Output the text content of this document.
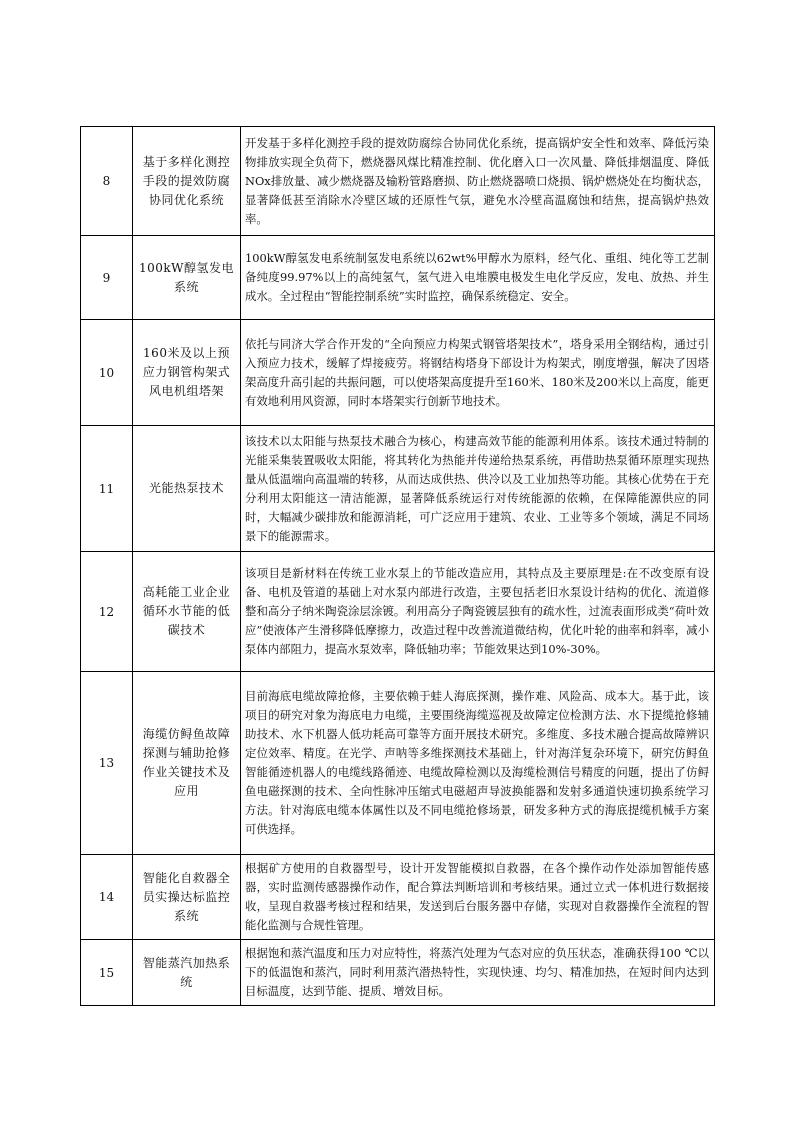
8	基于多样化测控手段的提效防腐协同优化系统	开发基于多样化测控手段的提效防腐综合协同优化系统，提高锅炉安全性和效率、降低污染物排放实现全负荷下，燃烧器风煤比精准控制、优化磨入口一次风量、降低排烟温度、降低NOx排放量、减少燃烧器及输粉管路磨损、防止燃烧器喷口烧损、锅炉燃烧处在均衡状态，显著降低甚至消除水冷壁区域的还原性气氛，避免水冷壁高温腐蚀和结焦，提高锅炉热效率。
9	100kW醇氢发电系统	100kW醇氢发电系统制氢发电系统以62wt%甲醇水为原料，经气化、重组、纯化等工艺制备纯度99.97%以上的高纯氢气，氢气进入电堆膜电极发生电化学反应，发电、放热、并生成水。全过程由“智能控制系统”实时监控，确保系统稳定、安全。
10	160米及以上预应力钢管构架式风电机组塔架	依托与同济大学合作开发的“全向预应力构架式钢管塔架技术”，塔身采用全钢结构，通过引入预应力技术，缓解了焊接疲劳。将钢结构塔身下部设计为构架式，刚度增强，解决了因塔架高度升高引起的共振问题，可以使塔架高度提升至160米、180米及200米以上高度，能更有效地利用风资源，同时本塔架实行创新节地技术。
11	光能热泵技术	该技术以太阳能与热泵技术融合为核心，构建高效节能的能源利用体系。该技术通过特制的光能采集装置吸收太阳能，将其转化为热能并传递给热泵系统，再借助热泵循环原理实现热量从低温端向高温端的转移，从而达成供热、供冷以及工业加热等功能。其核心优势在于充分利用太阳能这一清洁能源，显著降低系统运行对传统能源的依赖，在保障能源供应的同时，大幅减少碳排放和能源消耗，可广泛应用于建筑、农业、工业等多个领域，满足不同场景下的能源需求。
12	高耗能工业企业循环水节能的低碳技术	该项目是新材料在传统工业水泵上的节能改造应用，其特点及主要原理是:在不改变原有设备、电机及管道的基础上对水泵内部进行改造，主要包括老旧水泵设计结构的优化、流道修整和高分子纳米陶瓷涂层涂镀。利用高分子陶瓷镀层独有的疏水性，过流表面形成类“荷叶效应”使液体产生滑移降低摩擦力，改造过程中改善流道微结构，优化叶轮的曲率和斜率，减小泵体内部阻力，提高水泵效率，降低轴功率；节能效果达到10%-30%。
13	海缆仿鲟鱼故障探测与辅助抢修作业关键技术及应用	目前海底电缆故障抢修，主要依赖于蛙人海底探测，操作难、风险高、成本大。基于此，该项目的研究对象为海底电力电缆，主要围绕海缆巡视及故障定位检测方法、水下提缆抢修辅助技术、水下机器人低功耗高可靠等方面开展技术研究。多维度、多技术融合提高故障辨识定位效率、精度。在光学、声呐等多维探测技术基础上，针对海洋复杂环境下，研究仿鲟鱼智能循迹机器人的电缆线路循迹、电缆故障检测以及海缆检测信号精度的问题，提出了仿鲟鱼电磁探测的技术、全向性脉冲压缩式电磁超声导波换能器和发射多通道快速切换系统学习方法。针对海底电缆本体属性以及不同电缆抢修场景，研发多种方式的海底提缆机械手方案可供选择。
14	智能化自救器全员实操达标监控系统	根据矿方使用的自救器型号，设计开发智能模拟自救器，在各个操作动作处添加智能传感器，实时监测传感器操作动作，配合算法判断培训和考核结果。通过立式一体机进行数据接收，呈现自救器考核过程和结果，发送到后台服务器中存储，实现对自救器操作全流程的智能化监测与合规性管理。
15	智能蒸汽加热系统	根据饱和蒸汽温度和压力对应特性，将蒸汽处理为气态对应的负压状态，准确获得100 ℃以下的低温饱和蒸汽，同时利用蒸汽潜热特性，实现快速、均匀、精准加热，在短时间内达到目标温度，达到节能、提质、增效目标。
